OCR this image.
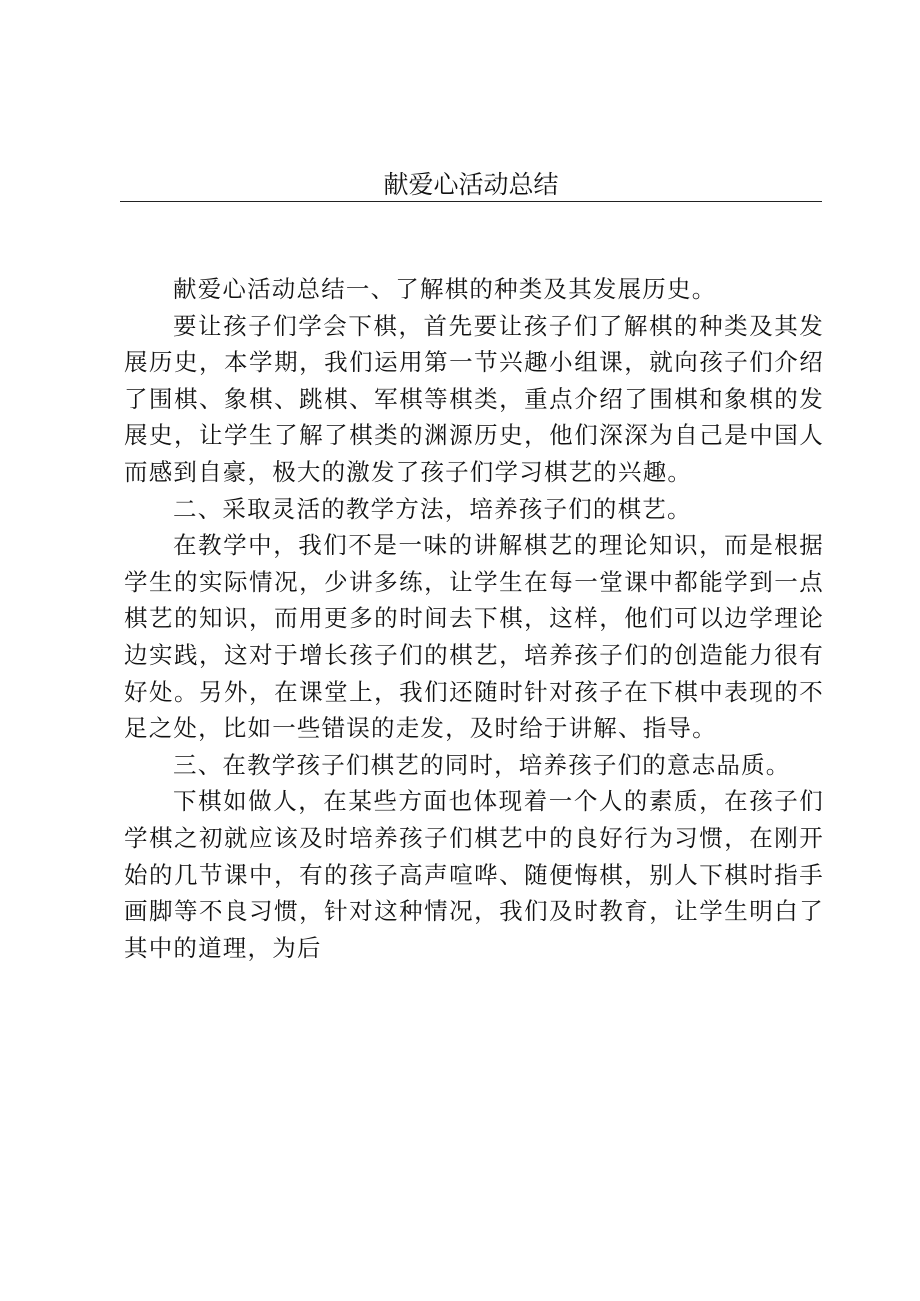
献爱心活动总结

献爱心活动总结一、了解棋的种类及其发展历史。

要让孩子们学会下棋，首先要让孩子们了解棋的种类及其发展历史，本学期，我们运用第一节兴趣小组课，就向孩子们介绍了围棋、象棋、跳棋、军棋等棋类，重点介绍了围棋和象棋的发展史，让学生了解了棋类的渊源历史，他们深深为自己是中国人而感到自豪，极大的激发了孩子们学习棋艺的兴趣。

二、采取灵活的教学方法，培养孩子们的棋艺。

在教学中，我们不是一味的讲解棋艺的理论知识，而是根据学生的实际情况，少讲多练，让学生在每一堂课中都能学到一点棋艺的知识，而用更多的时间去下棋，这样，他们可以边学理论边实践，这对于增长孩子们的棋艺，培养孩子们的创造能力很有好处。另外，在课堂上，我们还随时针对孩子在下棋中表现的不足之处，比如一些错误的走发，及时给于讲解、指导。

三、在教学孩子们棋艺的同时，培养孩子们的意志品质。

下棋如做人，在某些方面也体现着一个人的素质，在孩子们学棋之初就应该及时培养孩子们棋艺中的良好行为习惯，在刚开始的几节课中，有的孩子高声喧哗、随便悔棋，别人下棋时指手画脚等不良习惯，针对这种情况，我们及时教育，让学生明白了其中的道理，为后
